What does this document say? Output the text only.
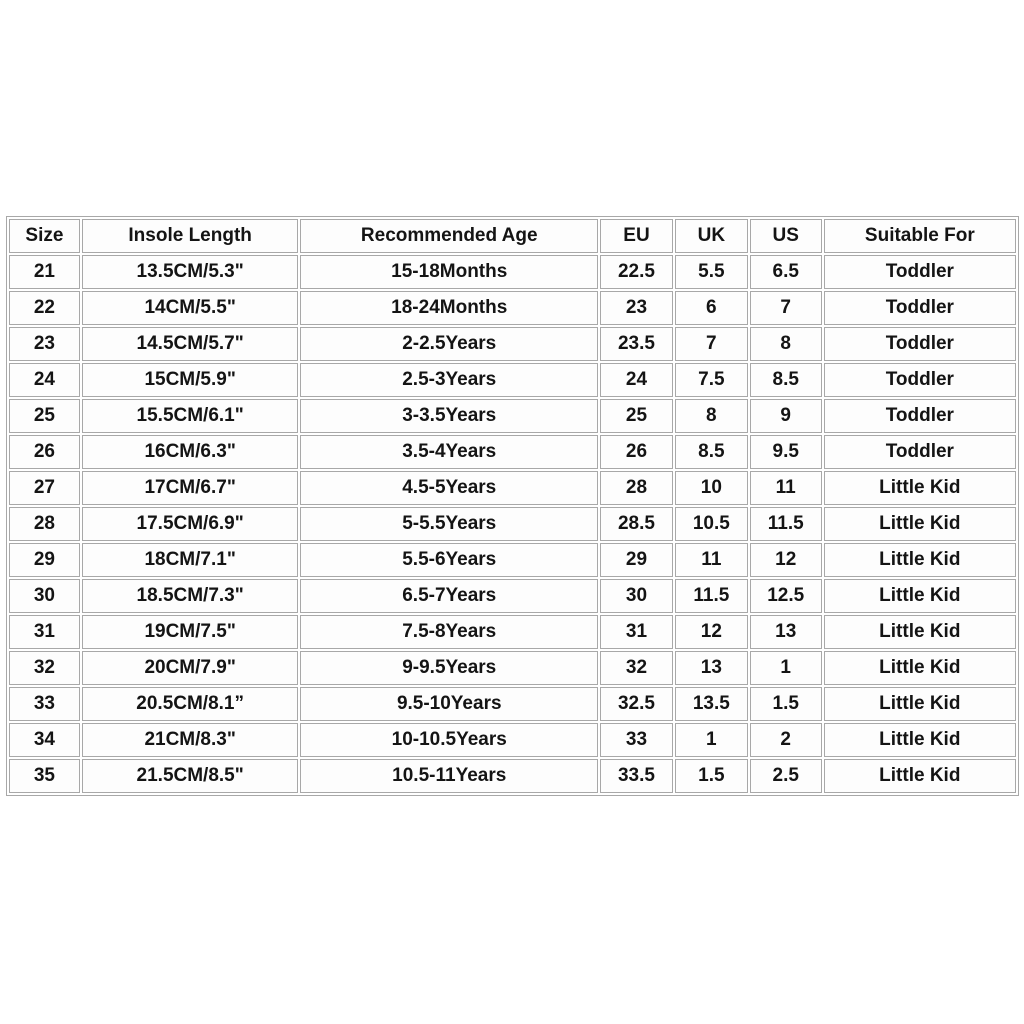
Size	Insole Length	Recommended Age	EU	UK	US	Suitable For
21	13.5CM/5.3"	15-18Months	22.5	5.5	6.5	Toddler
22	14CM/5.5"	18-24Months	23	6	7	Toddler
23	14.5CM/5.7"	2-2.5Years	23.5	7	8	Toddler
24	15CM/5.9"	2.5-3Years	24	7.5	8.5	Toddler
25	15.5CM/6.1"	3-3.5Years	25	8	9	Toddler
26	16CM/6.3"	3.5-4Years	26	8.5	9.5	Toddler
27	17CM/6.7"	4.5-5Years	28	10	11	Little Kid
28	17.5CM/6.9"	5-5.5Years	28.5	10.5	11.5	Little Kid
29	18CM/7.1"	5.5-6Years	29	11	12	Little Kid
30	18.5CM/7.3"	6.5-7Years	30	11.5	12.5	Little Kid
31	19CM/7.5"	7.5-8Years	31	12	13	Little Kid
32	20CM/7.9"	9-9.5Years	32	13	1	Little Kid
33	20.5CM/8.1”	9.5-10Years	32.5	13.5	1.5	Little Kid
34	21CM/8.3"	10-10.5Years	33	1	2	Little Kid
35	21.5CM/8.5"	10.5-11Years	33.5	1.5	2.5	Little Kid
